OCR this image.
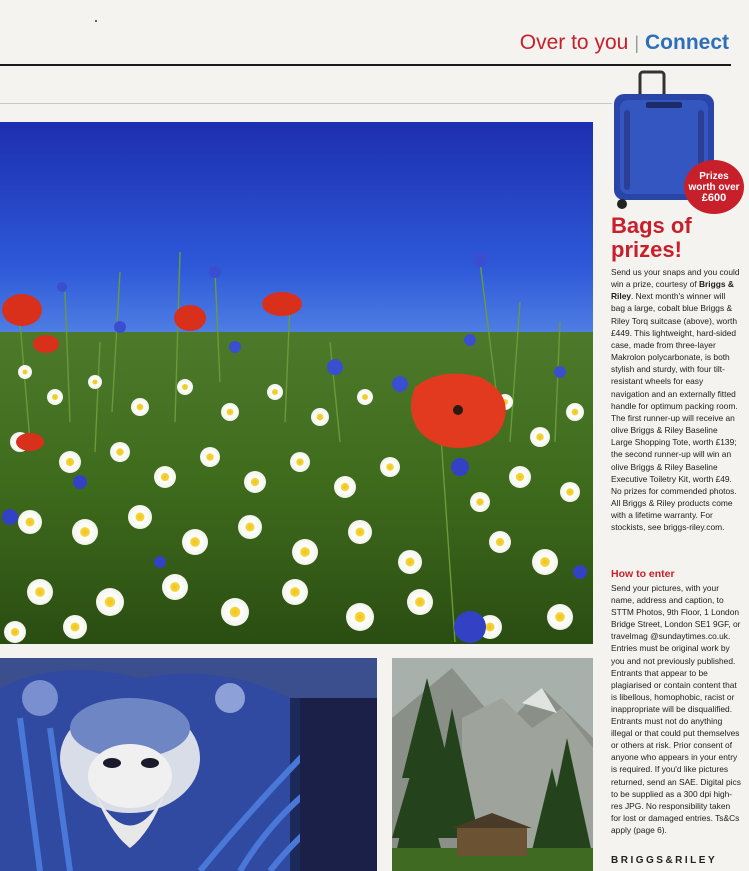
Over to you | Connect
Prizes
worth over
£600
Bags of
prizes!
Send us your snaps and you could win a prize, courtesy of Briggs & Riley. Next month's winner will bag a large, cobalt blue Briggs & Riley Torq suitcase (above), worth £449. This lightweight, hard-sided case, made from three-layer Makrolon polycarbonate, is both stylish and sturdy, with four tilt-resistant wheels for easy navigation and an externally fitted handle for optimum packing room. The first runner-up will receive an olive Briggs & Riley Baseline Large Shopping Tote, worth £139; the second runner-up will win an olive Briggs & Riley Baseline Executive Toiletry Kit, worth £49. No prizes for commended photos. All Briggs & Riley products come with a lifetime warranty. For stockists, see briggs-riley.com.
How to enter
Send your pictures, with your name, address and caption, to STTM Photos, 9th Floor, 1 London Bridge Street, London SE1 9GF, or travelmag @sundaytimes.co.uk. Entries must be original work by you and not previously published. Entrants that appear to be plagiarised or contain content that is libellous, homophobic, racist or inappropriate will be disqualified. Entrants must not do anything illegal or that could put themselves or others at risk. Prior consent of anyone who appears in your entry is required. If you'd like pictures returned, send an SAE. Digital pics to be supplied as a 300 dpi high-res JPG. No responsibility taken for lost or damaged entries. Ts&Cs apply (page 6).
BRIGGS&RILEY
